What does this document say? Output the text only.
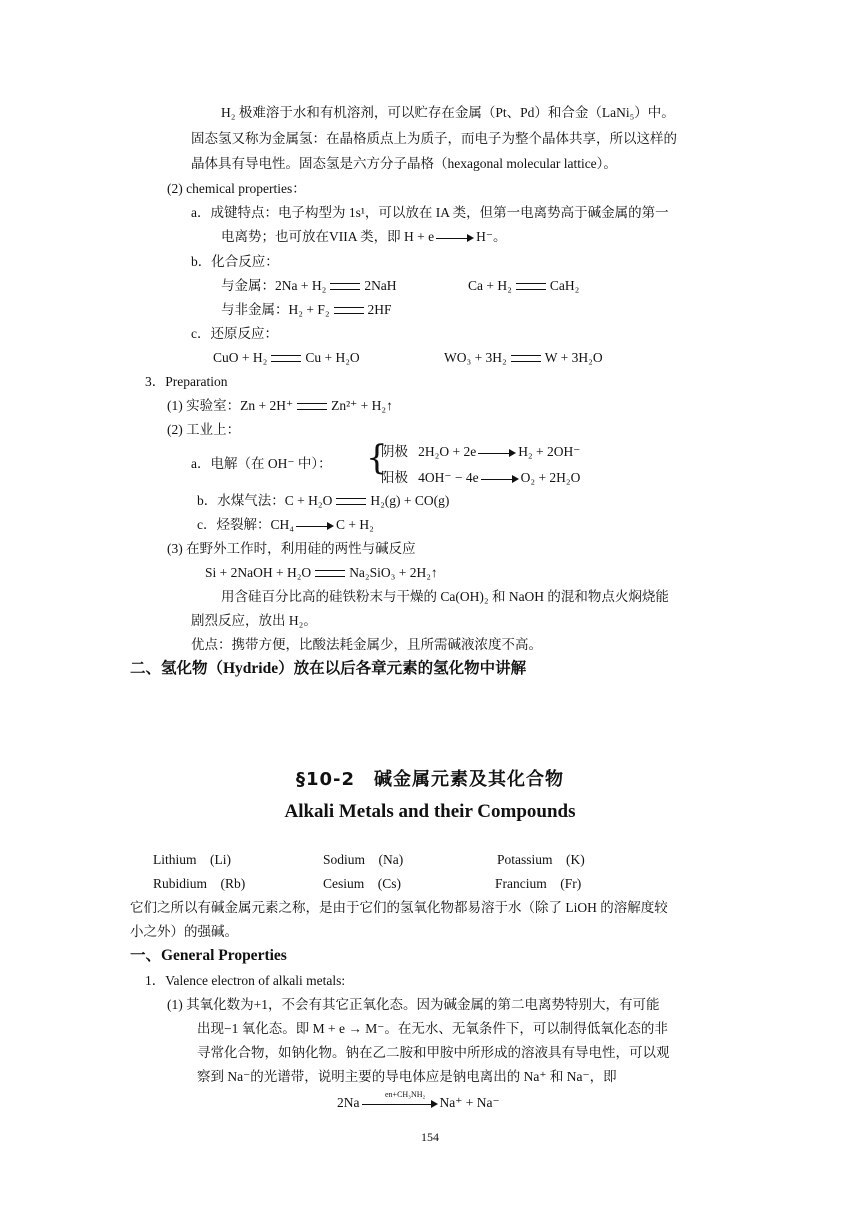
H₂ 极难溶于水和有机溶剂，可以贮存在金属（Pt、Pd）和合金（LaNi₅）中。
固态氢又称为金属氢：在晶格质点上为质子，而电子为整个晶体共享，所以这样的
晶体具有导电性。固态氢是六方分子晶格（hexagonal molecular lattice）。
(2) chemical properties：
a．成键特点：电子构型为 1s¹，可以放在 IA 类，但第一电离势高于碱金属的第一
电离势；也可放在VIIA 类，即 H + e	H⁻。
b．化合反应：
与金属：2Na + H₂	2NaH	Ca + H₂	CaH₂
与非金属：H₂ + F₂	2HF
c．还原反应：
CuO + H₂	Cu + H₂O	WO₃ + 3H₂	W + 3H₂O
3．Preparation
(1) 实验室：Zn + 2H⁺	Zn²⁺ + H₂↑
(2) 工业上：
a．电解（在 OH⁻ 中）： {
阴极 2H₂O + 2e	H₂ + 2OH⁻
阳极 4OH⁻ − 4e	O₂ + 2H₂O
b．水煤气法：C + H₂O	H₂(g) + CO(g)
c．烃裂解：CH₄	C + H₂
(3) 在野外工作时，利用硅的两性与碱反应
Si + 2NaOH + H₂O	Na₂SiO₃ + 2H₂↑
用含硅百分比高的硅铁粉末与干燥的 Ca(OH)₂ 和 NaOH 的混和物点火焖烧能
剧烈反应，放出 H₂。
优点：携带方便，比酸法耗金属少，且所需碱液浓度不高。
二、氢化物（Hydride）放在以后各章元素的氢化物中讲解
§10-2　碱金属元素及其化合物
Alkali Metals and their Compounds
Lithium　(Li)	Sodium　(Na)	Potassium　(K)
Rubidium　(Rb)	Cesium　(Cs)	Francium　(Fr)
它们之所以有碱金属元素之称，是由于它们的氢氧化物都易溶于水（除了 LiOH 的溶解度较
小之外）的强碱。
一、General Properties
1．Valence electron of alkali metals:
(1) 其氧化数为+1，不会有其它正氧化态。因为碱金属的第二电离势特别大，有可能
出现−1 氧化态。即 M + e → M⁻。在无水、无氧条件下，可以制得低氧化态的非
寻常化合物，如钠化物。钠在乙二胺和甲胺中所形成的溶液具有导电性，可以观
察到 Na⁻的光谱带，说明主要的导电体应是钠电离出的 Na⁺ 和 Na⁻，即
2Na	Na⁺ + Na⁻
en+CH₃NH₂
154
